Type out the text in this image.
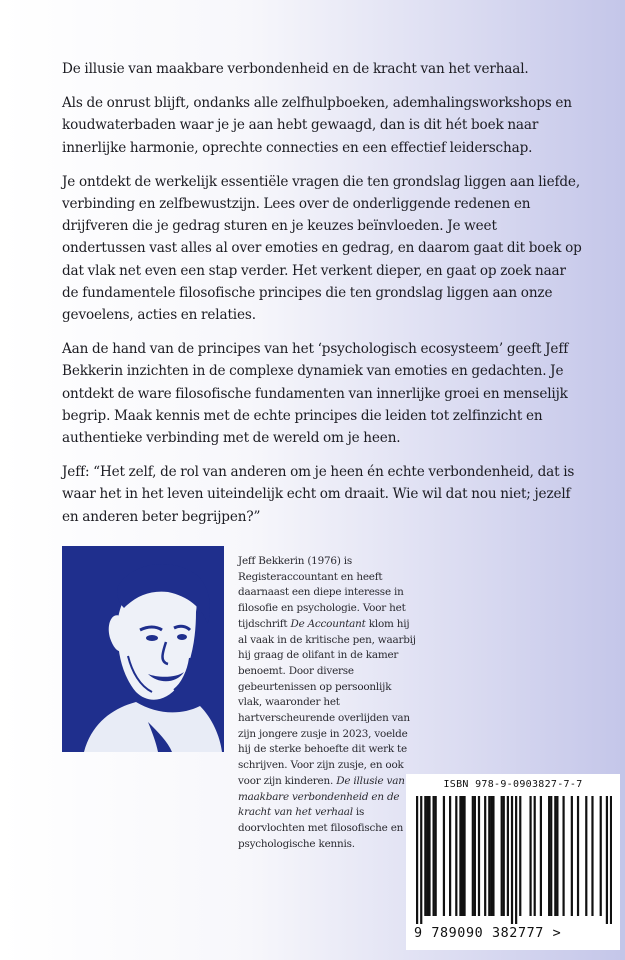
De illusie van maakbare verbondenheid en de kracht van het verhaal.

Als de onrust blijft, ondanks alle zelfhulpboeken, ademhalingsworkshops en koudwaterbaden waar je je aan hebt gewaagd, dan is dit hét boek naar innerlijke harmonie, oprechte connecties en een effectief leiderschap.

Je ontdekt de werkelijk essentiële vragen die ten grondslag liggen aan liefde, verbinding en zelfbewustzijn. Lees over de onderliggende redenen en drijfveren die je gedrag sturen en je keuzes beïnvloeden. Je weet ondertussen vast alles al over emoties en gedrag, en daarom gaat dit boek op dat vlak net even een stap verder. Het verkent dieper, en gaat op zoek naar de fundamentele filosofische principes die ten grondslag liggen aan onze gevoelens, acties en relaties.

Aan de hand van de principes van het ‘psychologisch ecosysteem’ geeft Jeff Bekkerin inzichten in de complexe dynamiek van emoties en gedachten. Je ontdekt de ware filosofische fundamenten van innerlijke groei en menselijk begrip. Maak kennis met de echte principes die leiden tot zelfinzicht en authentieke verbinding met de wereld om je heen.

Jeff: “Het zelf, de rol van anderen om je heen én echte verbondenheid, dat is waar het in het leven uiteindelijk echt om draait. Wie wil dat nou niet; jezelf en anderen beter begrijpen?”

Jeff Bekkerin (1976) is Registeraccountant en heeft daarnaast een diepe interesse in filosofie en psychologie. Voor het tijdschrift De Accountant klom hij al vaak in de kritische pen, waarbij hij graag de olifant in de kamer benoemt. Door diverse gebeurtenissen op persoonlijk vlak, waaronder het hartverscheurende overlijden van zijn jongere zusje in 2023, voelde hij de sterke behoefte dit werk te schrijven. Voor zijn zusje, en ook voor zijn kinderen. De illusie van maakbare verbondenheid en de kracht van het verhaal is doorvlochten met filosofische en psychologische kennis.
ISBN 978-9-0903827-7-7
9 789090 382777 >
